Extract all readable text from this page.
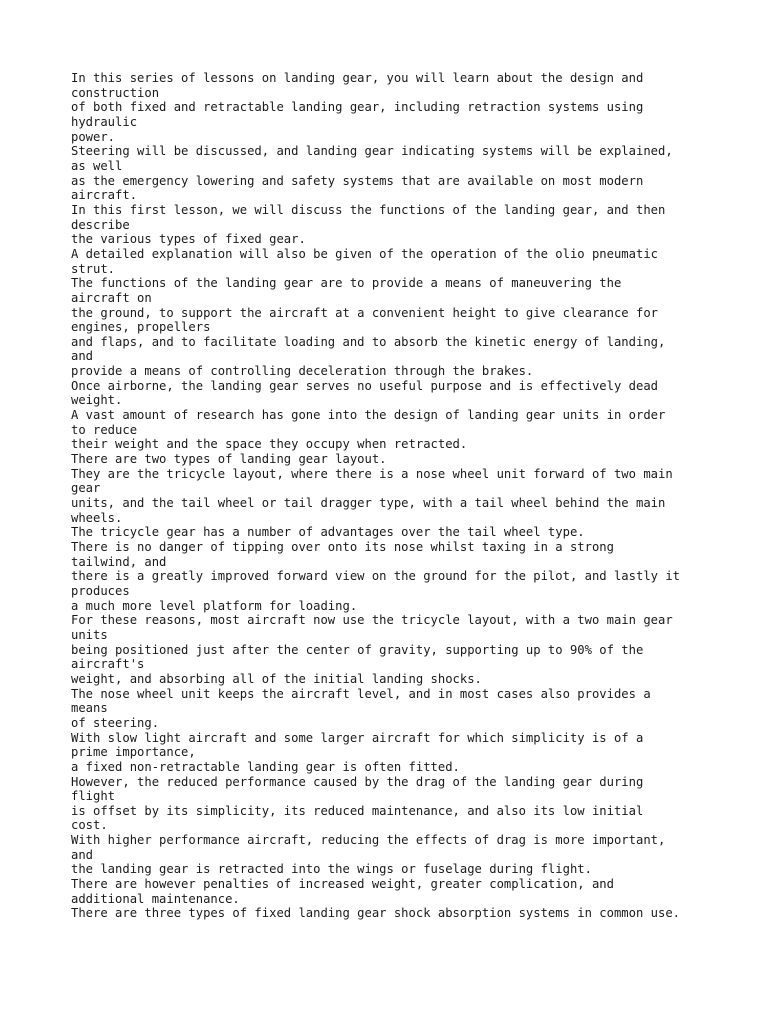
In this series of lessons on landing gear, you will learn about the design and

construction

of both fixed and retractable landing gear, including retraction systems using

hydraulic

power.

Steering will be discussed, and landing gear indicating systems will be explained,

as well

as the emergency lowering and safety systems that are available on most modern

aircraft.

In this first lesson, we will discuss the functions of the landing gear, and then

describe

the various types of fixed gear.

A detailed explanation will also be given of the operation of the olio pneumatic

strut.

The functions of the landing gear are to provide a means of maneuvering the

aircraft on

the ground, to support the aircraft at a convenient height to give clearance for

engines, propellers

and flaps, and to facilitate loading and to absorb the kinetic energy of landing,

and

provide a means of controlling deceleration through the brakes.

Once airborne, the landing gear serves no useful purpose and is effectively dead

weight.

A vast amount of research has gone into the design of landing gear units in order

to reduce

their weight and the space they occupy when retracted.

There are two types of landing gear layout.

They are the tricycle layout, where there is a nose wheel unit forward of two main

gear

units, and the tail wheel or tail dragger type, with a tail wheel behind the main

wheels.

The tricycle gear has a number of advantages over the tail wheel type.

There is no danger of tipping over onto its nose whilst taxing in a strong

tailwind, and

there is a greatly improved forward view on the ground for the pilot, and lastly it

produces

a much more level platform for loading.

For these reasons, most aircraft now use the tricycle layout, with a two main gear

units

being positioned just after the center of gravity, supporting up to 90% of the

aircraft's

weight, and absorbing all of the initial landing shocks.

The nose wheel unit keeps the aircraft level, and in most cases also provides a

means

of steering.

With slow light aircraft and some larger aircraft for which simplicity is of a

prime importance,

a fixed non-retractable landing gear is often fitted.

However, the reduced performance caused by the drag of the landing gear during

flight

is offset by its simplicity, its reduced maintenance, and also its low initial

cost.

With higher performance aircraft, reducing the effects of drag is more important,

and

the landing gear is retracted into the wings or fuselage during flight.

There are however penalties of increased weight, greater complication, and

additional maintenance.

There are three types of fixed landing gear shock absorption systems in common use.
